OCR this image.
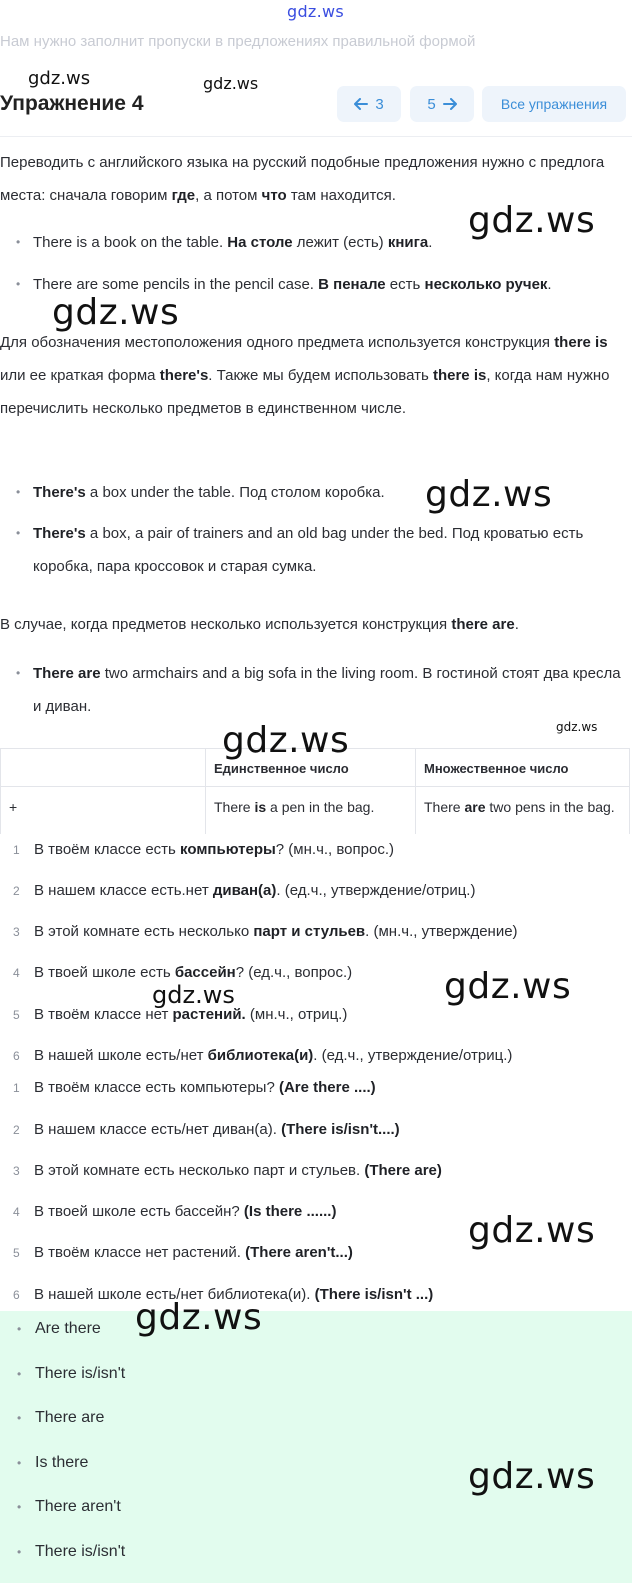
gdz.ws
Нам нужно заполнит пропуски в предложениях правильной формой
Упражнение 4	3	5	Все упражнения
Переводить с английского языка на русский подобные предложения нужно с предлога места: сначала говорим где, а потом что там находится.
• There is a book on the table. На столе лежит (есть) книга.
• There are some pencils in the pencil case. В пенале есть несколько ручек.
Для обозначения местоположения одного предмета используется конструкция there is или ее краткая форма there's. Также мы будем использовать there is, когда нам нужно перечислить несколько предметов в единственном числе.
• There's a box under the table. Под столом коробка.
• There's a box, a pair of trainers and an old bag under the bed. Под кроватью есть коробка, пара кроссовок и старая сумка.
В случае, когда предметов несколько используется конструкция there are.
• There are two armchairs and a big sofa in the living room. В гостиной стоят два кресла и диван.
	Единственное число	Множественное число
+	There is a pen in the bag.	There are two pens in the bag.
1 В твоём классе есть компьютеры? (мн.ч., вопрос.)
2 В нашем классе есть.нет диван(а). (ед.ч., утверждение/отриц.)
3 В этой комнате есть несколько парт и стульев. (мн.ч., утверждение)
4 В твоей школе есть бассейн? (ед.ч., вопрос.)
5 В твоём классе нет растений. (мн.ч., отриц.)
6 В нашей школе есть/нет библиотека(и). (ед.ч., утверждение/отриц.)
1 В твоём классе есть компьютеры? (Are there ....)
2 В нашем классе есть/нет диван(а). (There is/isn't....)
3 В этой комнате есть несколько парт и стульев. (There are)
4 В твоей школе есть бассейн? (Is there ......)
5 В твоём классе нет растений. (There aren't...)
6 В нашей школе есть/нет библиотека(и). (There is/isn't ...)
• Are there
• There is/isn't
• There are
• Is there
• There aren't
• There is/isn't
gdz.ws	gdz.ws
gdz.ws
gdz.ws
gdz.ws
gdz.ws
gdz.ws
gdz.ws
gdz.ws
gdz.ws
gdz.ws
gdz.ws
